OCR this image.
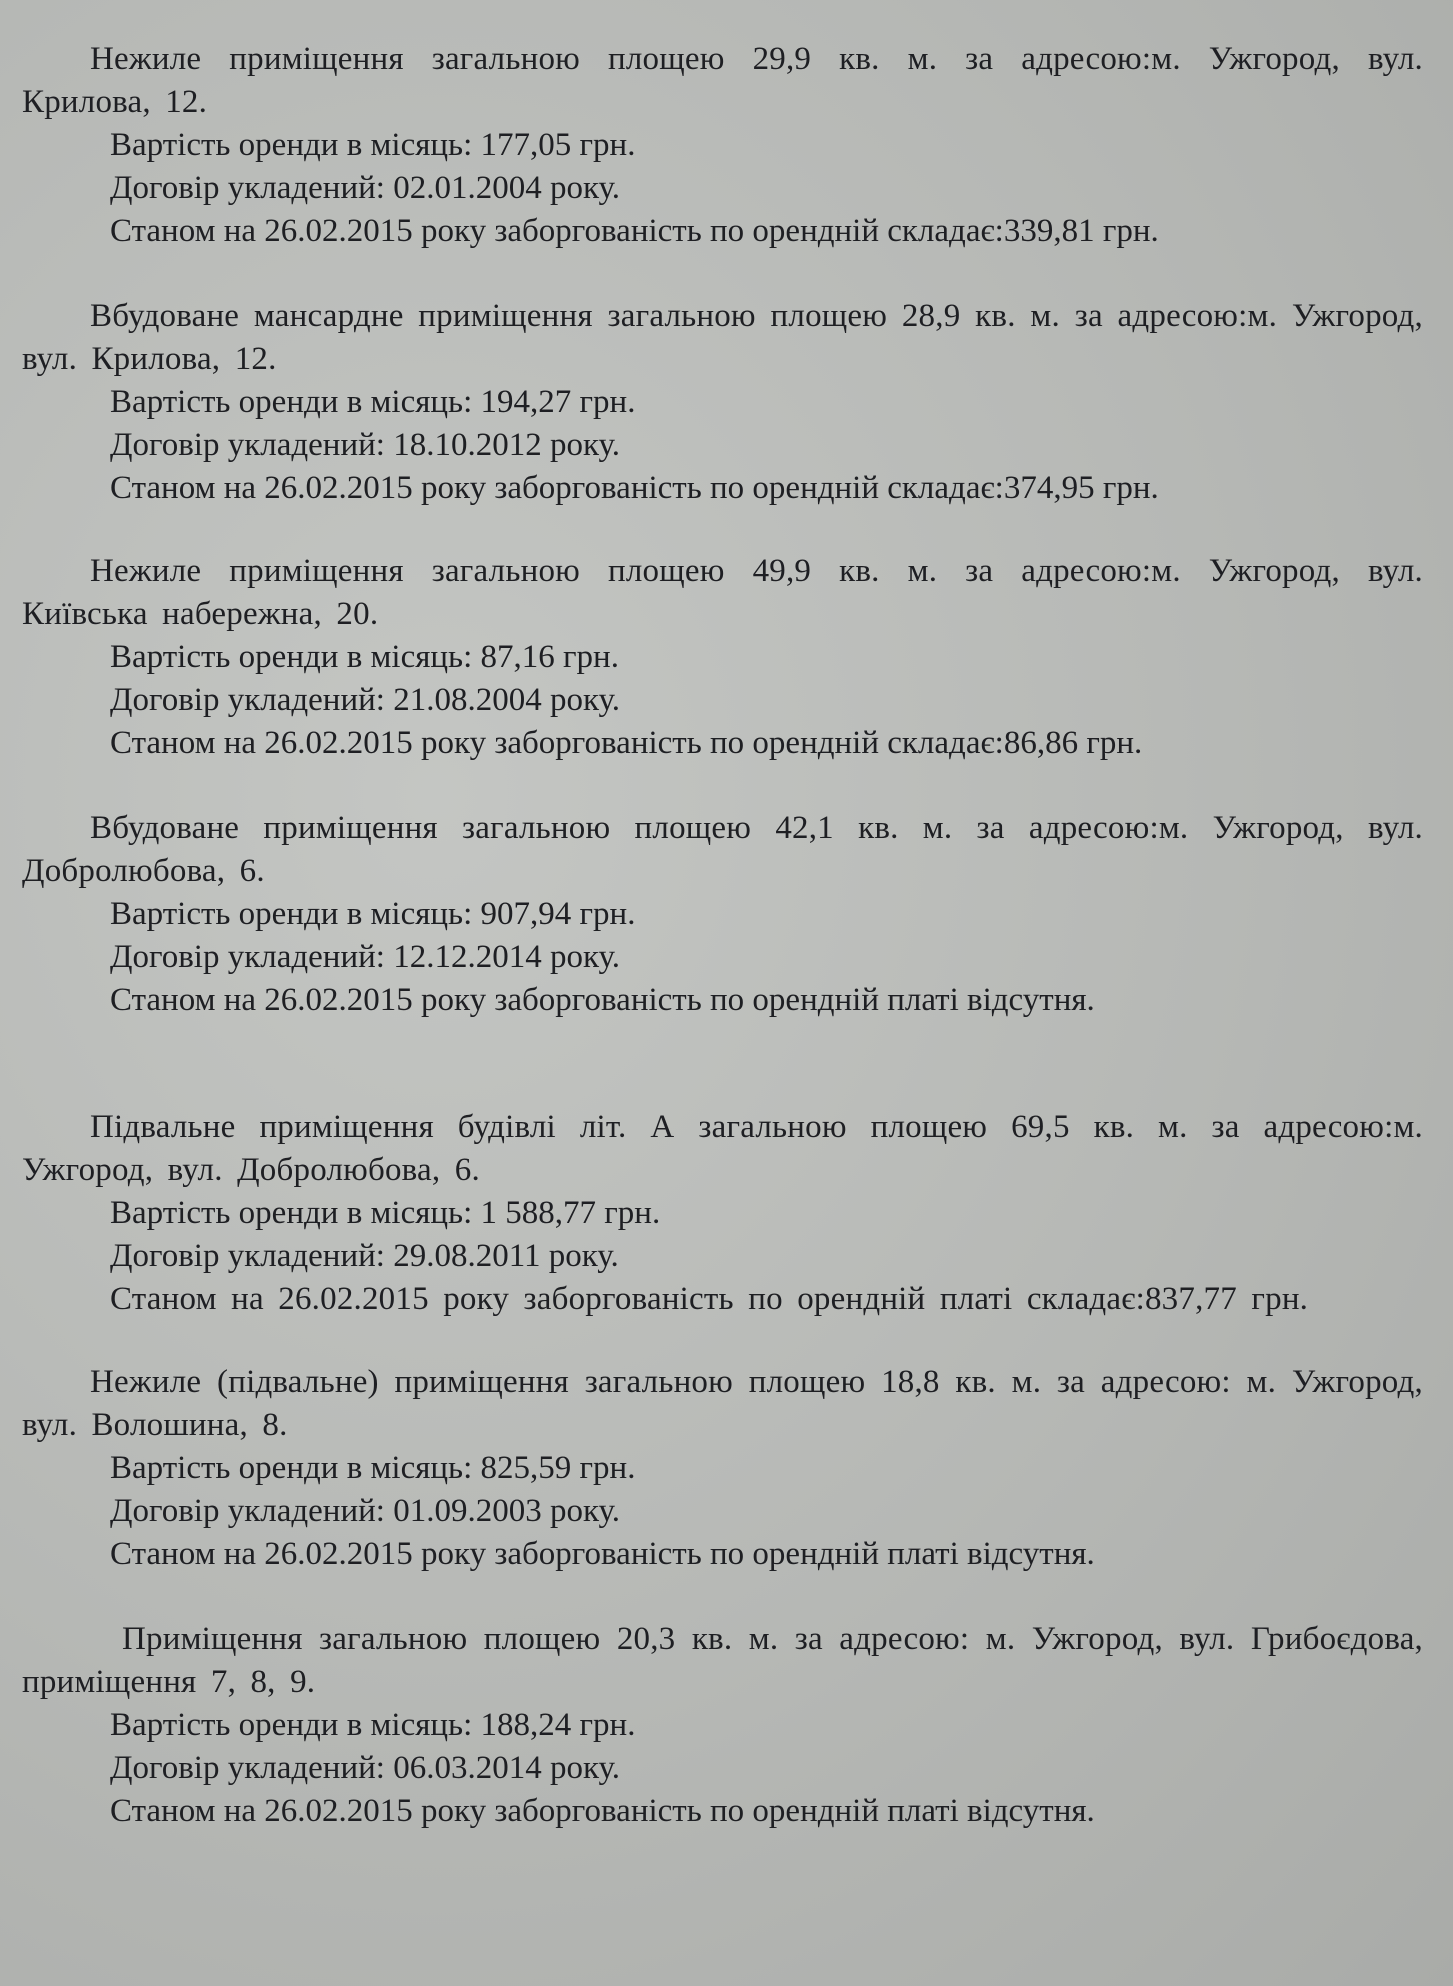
Нежиле приміщення загальною площею 29,9 кв. м. за адресою:м. Ужгород, вул. Крилова, 12.

Вартість оренди в місяць: 177,05 грн.

Договір укладений: 02.01.2004 року.

Станом на 26.02.2015 року заборгованість по орендній складає:339,81 грн.

Вбудоване мансардне приміщення загальною площею 28,9 кв. м. за адресою:м. Ужгород, вул. Крилова, 12.

Вартість оренди в місяць: 194,27 грн.

Договір укладений: 18.10.2012 року.

Станом на 26.02.2015 року заборгованість по орендній складає:374,95 грн.

Нежиле приміщення загальною площею 49,9 кв. м. за адресою:м. Ужгород, вул. Київська набережна, 20.

Вартість оренди в місяць: 87,16 грн.

Договір укладений: 21.08.2004 року.

Станом на 26.02.2015 року заборгованість по орендній складає:86,86 грн.

Вбудоване приміщення загальною площею 42,1 кв. м. за адресою:м. Ужгород, вул. Добролюбова, 6.

Вартість оренди в місяць: 907,94 грн.

Договір укладений: 12.12.2014 року.

Станом на 26.02.2015 року заборгованість по орендній платі відсутня.

Підвальне приміщення будівлі літ. А загальною площею 69,5 кв. м. за адресою:м. Ужгород, вул. Добролюбова, 6.

Вартість оренди в місяць: 1 588,77 грн.

Договір укладений: 29.08.2011 року.

Станом на 26.02.2015 року заборгованість по орендній платі складає:837,77 грн.

Нежиле (підвальне) приміщення загальною площею 18,8 кв. м. за адресою: м. Ужгород, вул. Волошина, 8.

Вартість оренди в місяць: 825,59 грн.

Договір укладений: 01.09.2003 року.

Станом на 26.02.2015 року заборгованість по орендній платі відсутня.

Приміщення загальною площею 20,3 кв. м. за адресою: м. Ужгород, вул. Грибоєдова, приміщення 7, 8, 9.

Вартість оренди в місяць: 188,24 грн.

Договір укладений: 06.03.2014 року.

Станом на 26.02.2015 року заборгованість по орендній платі відсутня.
